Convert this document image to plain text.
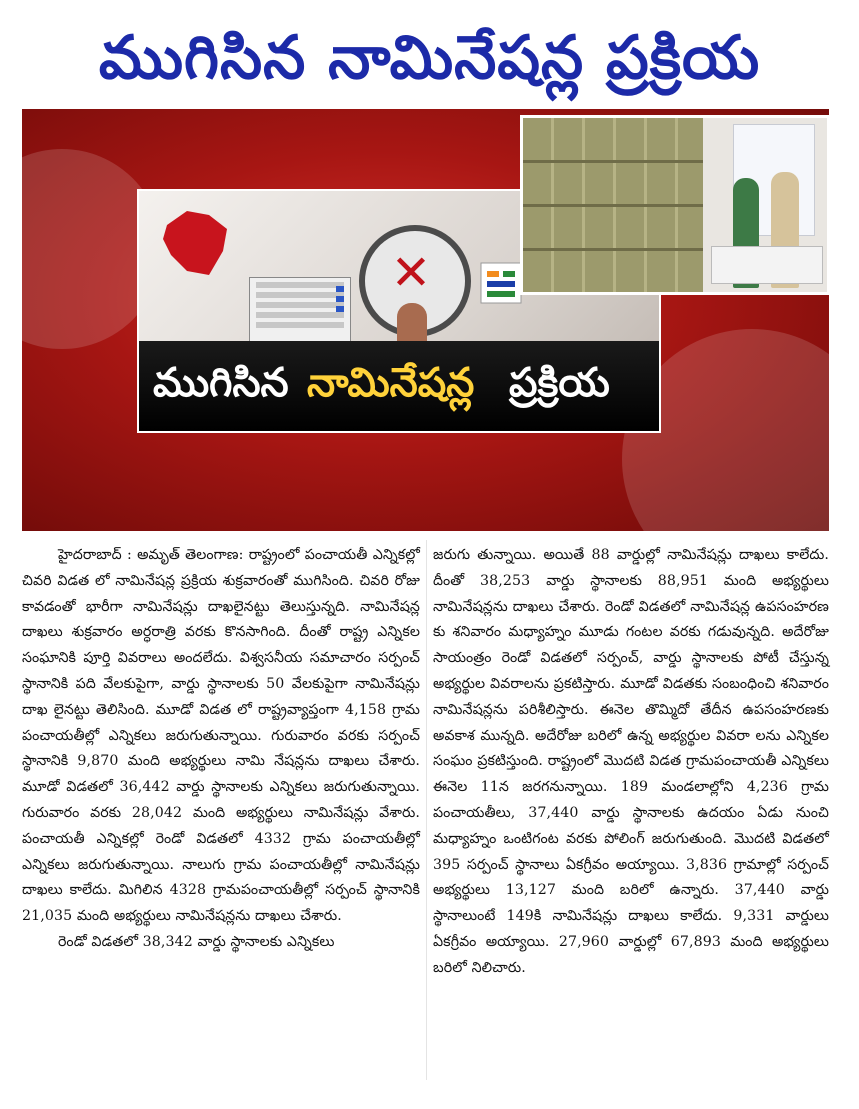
ముగిసిన నామినేషన్ల ప్రక్రియ
✕
ముగిసిన నామినేషన్ల ప్రక్రియ

హైదరాబాద్ : అమృత్ తెలంగాణ: రాష్ట్రంలో పంచాయతీ ఎన్నికల్లో చివరి విడత లో నామినేషన్ల ప్రక్రియ శుక్రవారంతో ముగిసింది. చివరి రోజు కావడంతో భారీగా నామినేషన్లు దాఖలైనట్టు తెలుస్తున్నది. నామినేషన్ల దాఖలు శుక్రవారం అర్ధరాత్రి వరకు కొనసాగింది. దీంతో రాష్ట్ర ఎన్నికల సంఘానికి పూర్తి వివరాలు అందలేదు. విశ్వసనీయ సమాచారం సర్పంచ్ స్థానానికి పది వేలకుపైగా, వార్డు స్థానాలకు 50 వేలకుపైగా నామినేషన్లు దాఖ లైనట్టు తెలిసింది. మూడో విడత లో రాష్ట్రవ్యాప్తంగా 4,158 గ్రామ పంచాయతీల్లో ఎన్నికలు జరుగుతున్నాయి. గురువారం వరకు సర్పంచ్ స్థానానికి 9,870 మంది అభ్యర్థులు నామి నేషన్లను దాఖలు చేశారు. మూడో విడతలో 36,442 వార్డు స్థానాలకు ఎన్నికలు జరుగుతున్నాయి. గురువారం వరకు 28,042 మంది అభ్యర్థులు నామినేషన్లు వేశారు. పంచాయతీ ఎన్నికల్లో రెండో విడతలో 4332 గ్రామ పంచాయతీల్లో ఎన్నికలు జరుగుతున్నాయి. నాలుగు గ్రామ పంచాయతీల్లో నామినేషన్లు దాఖలు కాలేదు. మిగిలిన 4328 గ్రామపంచాయతీల్లో సర్పంచ్ స్థానానికి 21,035 మంది అభ్యర్థులు నామినేషన్లను దాఖలు చేశారు.

రెండో విడతలో 38,342 వార్డు స్థానాలకు ఎన్నికలు

జరుగు తున్నాయి. అయితే 88 వార్డుల్లో నామినేషన్లు దాఖలు కాలేదు. దీంతో 38,253 వార్డు స్థానాలకు 88,951 మంది అభ్యర్థులు నామినేషన్లను దాఖలు చేశారు. రెండో విడతలో నామినేషన్ల ఉపసంహరణ కు శనివారం మధ్యాహ్నం మూడు గంటల వరకు గడువున్నది. అదేరోజు సాయంత్రం రెండో విడతలో సర్పంచ్, వార్డు స్థానాలకు పోటీ చేస్తున్న అభ్యర్థుల వివరాలను ప్రకటిస్తారు. మూడో విడతకు సంబంధించి శనివారం నామినేషన్లను పరిశీలిస్తారు. ఈనెల తొమ్మిదో తేదీన ఉపసంహరణకు అవకాశ మున్నది. అదేరోజు బరిలో ఉన్న అభ్యర్థుల వివరా లను ఎన్నికల సంఘం ప్రకటిస్తుంది. రాష్ట్రంలో మొదటి విడత గ్రామపంచాయతీ ఎన్నికలు ఈనెల 11న జరగనున్నాయి. 189 మండలాల్లోని 4,236 గ్రామ పంచాయతీలు, 37,440 వార్డు స్థానాలకు ఉదయం ఏడు నుంచి మధ్యాహ్నం ఒంటిగంట వరకు పోలింగ్ జరుగుతుంది. మొదటి విడతలో 395 సర్పంచ్ స్థానాలు ఏకగ్రీవం అయ్యాయి. 3,836 గ్రామాల్లో సర్పంచ్ అభ్యర్థులు 13,127 మంది బరిలో ఉన్నారు. 37,440 వార్డు స్థానాలుంటే 149కి నామినేషన్లు దాఖలు కాలేదు. 9,331 వార్డులు ఏకగ్రీవం అయ్యాయి. 27,960 వార్డుల్లో 67,893 మంది అభ్యర్థులు బరిలో నిలిచారు.
